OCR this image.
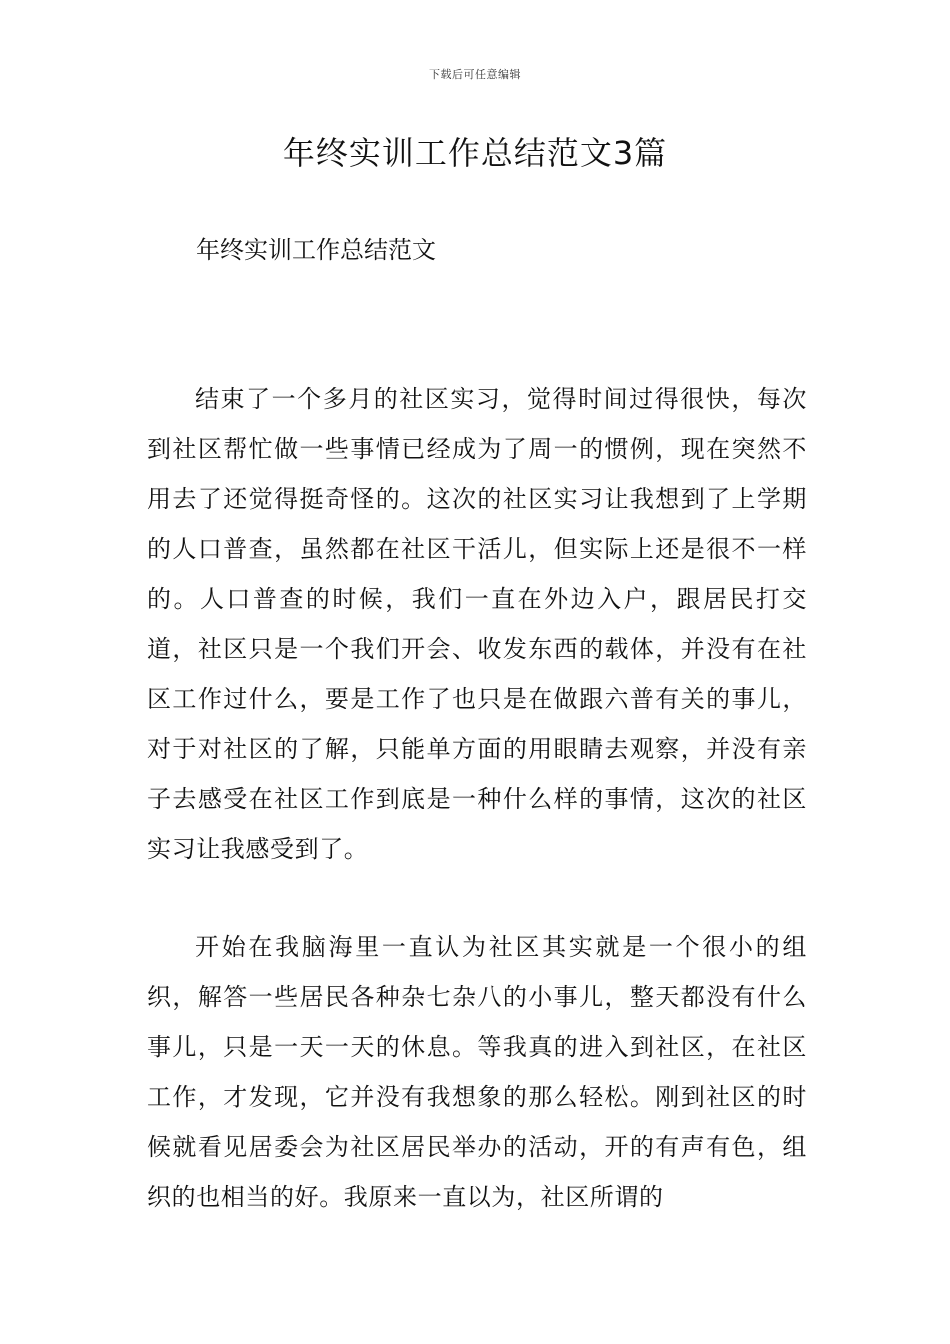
下载后可任意编辑
年终实训工作总结范文3篇

年终实训工作总结范文

结束了一个多月的社区实习，觉得时间过得很快，每次到社区帮忙做一些事情已经成为了周一的惯例，现在突然不用去了还觉得挺奇怪的。这次的社区实习让我想到了上学期的人口普查，虽然都在社区干活儿，但实际上还是很不一样的。人口普查的时候，我们一直在外边入户，跟居民打交道，社区只是一个我们开会、收发东西的载体，并没有在社区工作过什么，要是工作了也只是在做跟六普有关的事儿，对于对社区的了解，只能单方面的用眼睛去观察，并没有亲子去感受在社区工作到底是一种什么样的事情，这次的社区实习让我感受到了。

开始在我脑海里一直认为社区其实就是一个很小的组织，解答一些居民各种杂七杂八的小事儿，整天都没有什么事儿，只是一天一天的休息。等我真的进入到社区，在社区工作，才发现，它并没有我想象的那么轻松。刚到社区的时候就看见居委会为社区居民举办的活动，开的有声有色，组织的也相当的好。我原来一直以为，社区所谓的
